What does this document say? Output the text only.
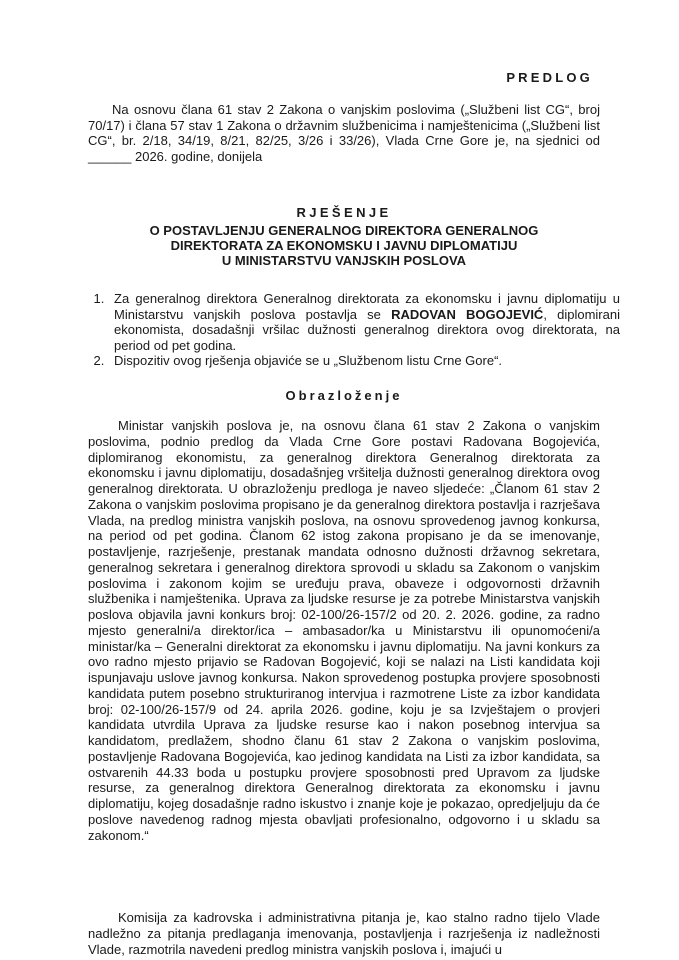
PREDLOG

Na osnovu člana 61 stav 2 Zakona o vanjskim poslovima („Službeni list CG“, broj 70/17) i člana 57 stav 1 Zakona o državnim službenicima i namještenicima („Službeni list CG“, br. 2/18, 34/19, 8/21, 82/25, 3/26 i 33/26), Vlada Crne Gore je, na sjednici od ______ 2026. godine, donijela

RJEŠENJE
O POSTAVLJENJU GENERALNOG DIREKTORA GENERALNOG
DIREKTORATA ZA EKONOMSKU I JAVNU DIPLOMATIJU
U MINISTARSTVU VANJSKIH POSLOVA
1. Za generalnog direktora Generalnog direktorata za ekonomsku i javnu diplomatiju u Ministarstvu vanjskih poslova postavlja se RADOVAN BOGOJEVIĆ, diplomirani ekonomista, dosadašnji vršilac dužnosti generalnog direktora ovog direktorata, na period od pet godina.
2. Dispozitiv ovog rješenja objaviće se u „Službenom listu Crne Gore“.
Obrazloženje

Ministar vanjskih poslova je, na osnovu člana 61 stav 2 Zakona o vanjskim poslovima, podnio predlog da Vlada Crne Gore postavi Radovana Bogojevića, diplomiranog ekonomistu, za generalnog direktora Generalnog direktorata za ekonomsku i javnu diplomatiju, dosadašnjeg vršitelja dužnosti generalnog direktora ovog generalnog direktorata. U obrazloženju predloga je naveo sljedeće: „Članom 61 stav 2 Zakona o vanjskim poslovima propisano je da generalnog direktora postavlja i razrješava Vlada, na predlog ministra vanjskih poslova, na osnovu sprovedenog javnog konkursa, na period od pet godina. Članom 62 istog zakona propisano je da se imenovanje, postavljenje, razrješenje, prestanak mandata odnosno dužnosti državnog sekretara, generalnog sekretara i generalnog direktora sprovodi u skladu sa Zakonom o vanjskim poslovima i zakonom kojim se uređuju prava, obaveze i odgovornosti državnih službenika i namještenika. Uprava za ljudske resurse je za potrebe Ministarstva vanjskih poslova objavila javni konkurs broj: 02-100/26-157/2 od 20. 2. 2026. godine, za radno mjesto generalni/a direktor/ica – ambasador/ka u Ministarstvu ili opunomoćeni/a ministar/ka – Generalni direktorat za ekonomsku i javnu diplomatiju. Na javni konkurs za ovo radno mjesto prijavio se Radovan Bogojević, koji se nalazi na Listi kandidata koji ispunjavaju uslove javnog konkursa. Nakon sprovedenog postupka provjere sposobnosti kandidata putem posebno strukturiranog intervjua i razmotrene Liste za izbor kandidata broj: 02-100/26-157/9 od 24. aprila 2026. godine, koju je sa Izvještajem o provjeri kandidata utvrdila Uprava za ljudske resurse kao i nakon posebnog intervjua sa kandidatom, predlažem, shodno članu 61 stav 2 Zakona o vanjskim poslovima, postavljenje Radovana Bogojevića, kao jedinog kandidata na Listi za izbor kandidata, sa ostvarenih 44.33 boda u postupku provjere sposobnosti pred Upravom za ljudske resurse, za generalnog direktora Generalnog direktorata za ekonomsku i javnu diplomatiju, kojeg dosadašnje radno iskustvo i znanje koje je pokazao, opredjeljuju da će poslove navedenog radnog mjesta obavljati profesionalno, odgovorno i u skladu sa zakonom.“

Komisija za kadrovska i administrativna pitanja je, kao stalno radno tijelo Vlade nadležno za pitanja predlaganja imenovanja, postavljenja i razrješenja iz nadležnosti Vlade, razmotrila navedeni predlog ministra vanjskih poslova i, imajući u
